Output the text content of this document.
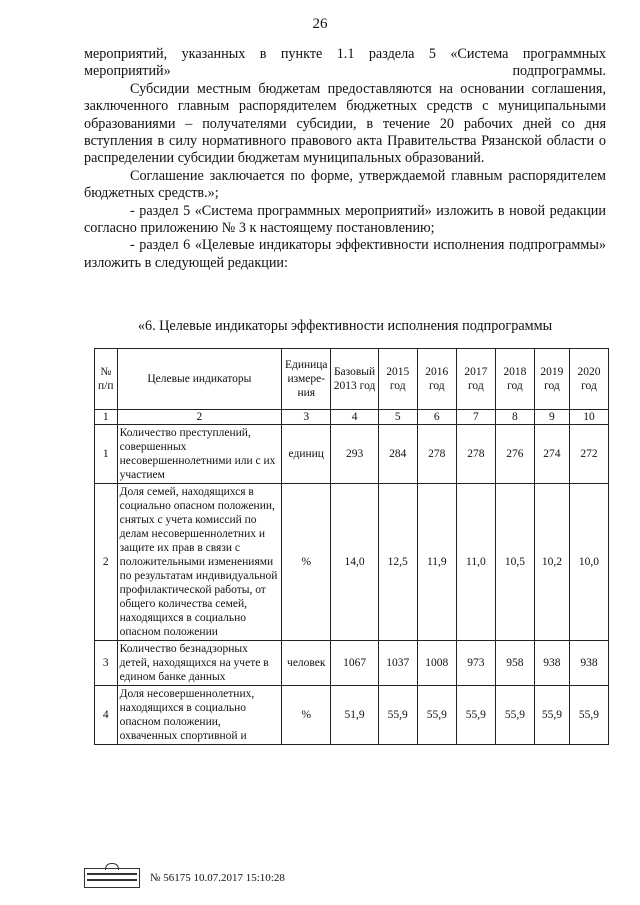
26

мероприятий, указанных в пункте 1.1 раздела 5 «Система программных мероприятий» подпрограммы.

Субсидии местным бюджетам предоставляются на основании соглашения, заключенного главным распорядителем бюджетных средств с муниципальными образованиями – получателями субсидии, в течение 20 рабочих дней со дня вступления в силу нормативного правового акта Правительства Рязанской области о распределении субсидии бюджетам муниципальных образований.

Соглашение заключается по форме, утверждаемой главным распорядителем бюджетных средств.»;

- раздел 5 «Система программных мероприятий» изложить в новой редакции согласно приложению № 3 к настоящему постановлению;

- раздел 6 «Целевые индикаторы эффективности исполнения подпрограммы» изложить в следующей редакции:

«6. Целевые индикаторы эффективности исполнения подпрограммы
№ п/п	Целевые индикаторы	Единица измере-ния	Базовый 2013 год	2015 год	2016 год	2017 год	2018 год	2019 год	2020 год
1	2	3	4	5	6	7	8	9	10
1	Количество преступлений, совершенных несовершеннолетними или с их участием	единиц	293	284	278	278	276	274	272
2	Доля семей, находящихся в социально опасном положении, снятых с учета комиссий по делам несовершеннолетних и защите их прав в связи с положительными изменениями по результатам индивидуальной профилактической работы, от общего количества семей, находящихся в социально опасном положении	%	14,0	12,5	11,9	11,0	10,5	10,2	10,0
3	Количество безнадзорных детей, находящихся на учете в едином банке данных	человек	1067	1037	1008	973	958	938	938
4	Доля несовершеннолетних, находящихся в социально опасном положении, охваченных спортивной и	%	51,9	55,9	55,9	55,9	55,9	55,9	55,9
№ 56175 10.07.2017 15:10:28
